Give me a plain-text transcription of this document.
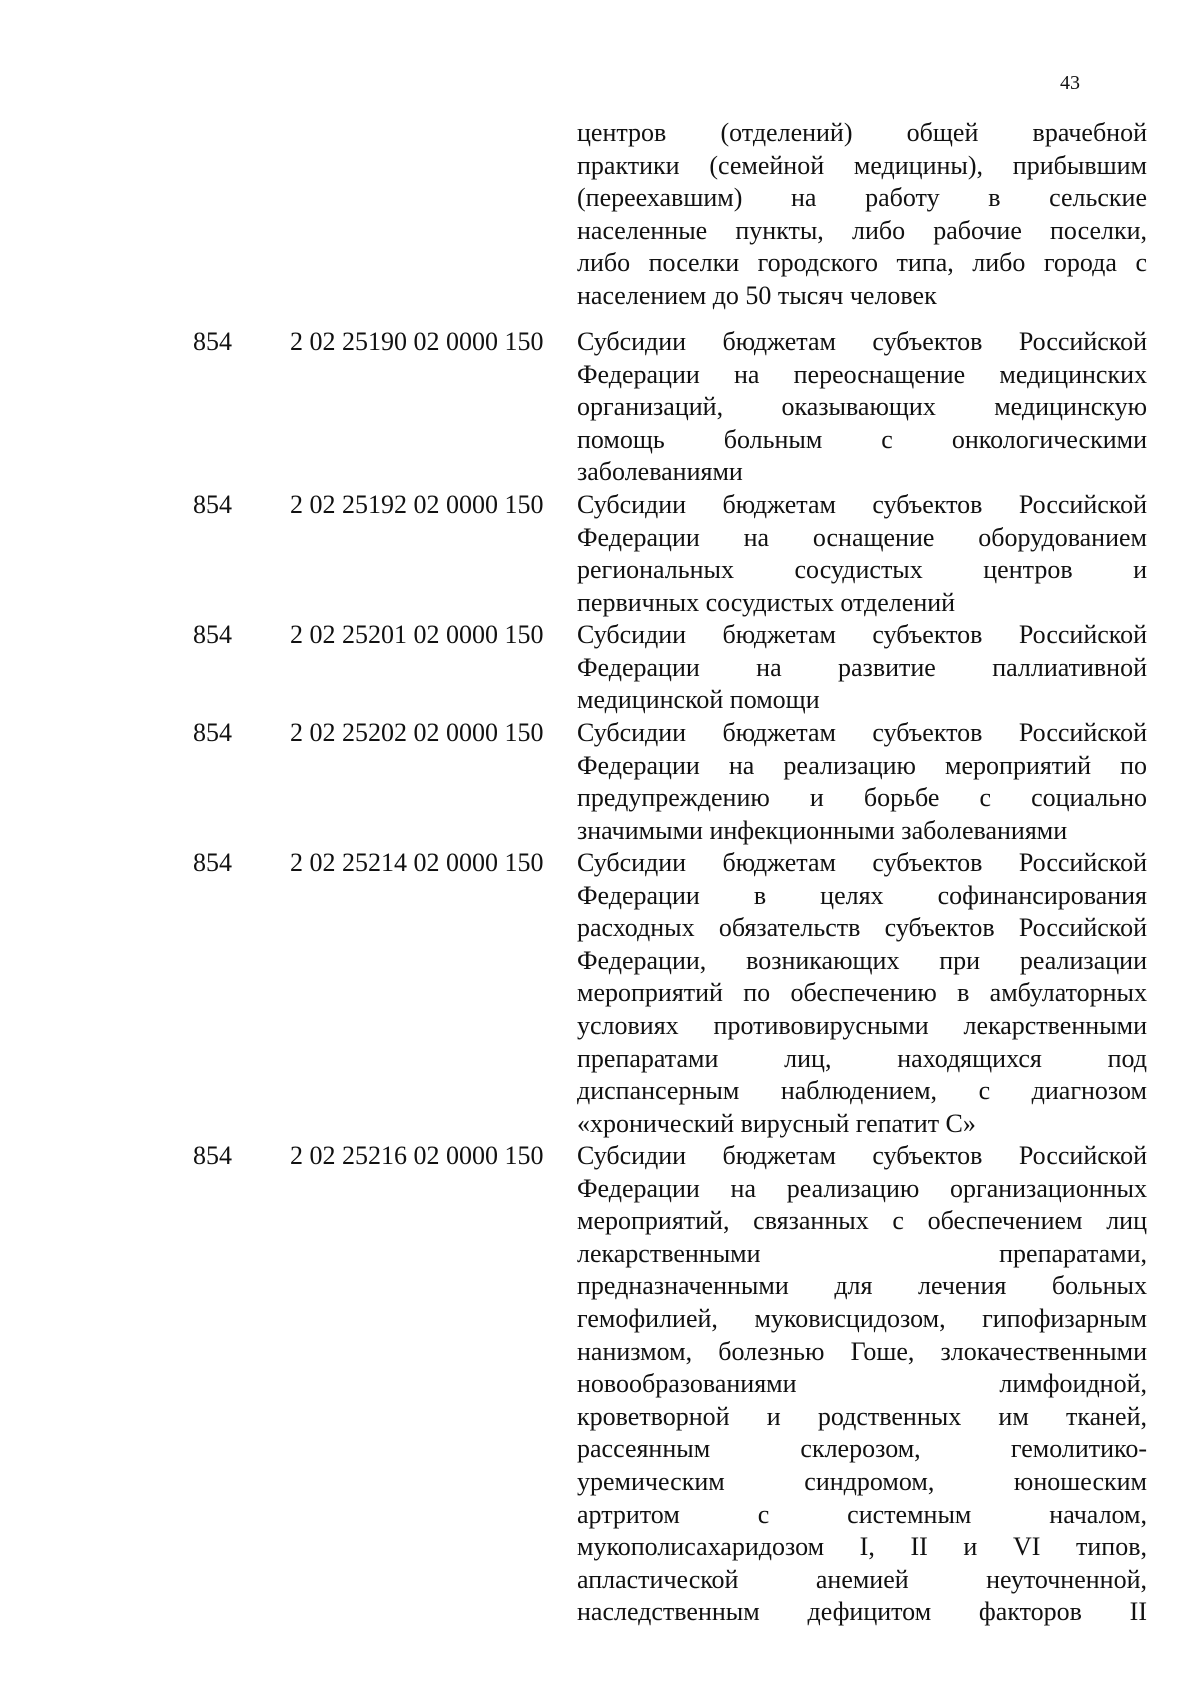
43
центров (отделений) общей врачебной
практики (семейной медицины), прибывшим
(переехавшим) на работу в сельские
населенные пункты, либо рабочие поселки,
либо поселки городского типа, либо города с
населением до 50 тысяч человек
854	2 02 25190 02 0000 150	Субсидии бюджетам субъектов Российской
Федерации на переоснащение медицинских
организаций, оказывающих медицинскую
помощь больным с онкологическими
заболеваниями
854	2 02 25192 02 0000 150	Субсидии бюджетам субъектов Российской
Федерации на оснащение оборудованием
региональных сосудистых центров и
первичных сосудистых отделений
854	2 02 25201 02 0000 150	Субсидии бюджетам субъектов Российской
Федерации на развитие паллиативной
медицинской помощи
854	2 02 25202 02 0000 150	Субсидии бюджетам субъектов Российской
Федерации на реализацию мероприятий по
предупреждению и борьбе с социально
значимыми инфекционными заболеваниями
854	2 02 25214 02 0000 150	Субсидии бюджетам субъектов Российской
Федерации в целях софинансирования
расходных обязательств субъектов Российской
Федерации, возникающих при реализации
мероприятий по обеспечению в амбулаторных
условиях противовирусными лекарственными
препаратами лиц, находящихся под
диспансерным наблюдением, с диагнозом
«хронический вирусный гепатит С»
854	2 02 25216 02 0000 150	Субсидии бюджетам субъектов Российской
Федерации на реализацию организационных
мероприятий, связанных с обеспечением лиц
лекарственными препаратами,
предназначенными для лечения больных
гемофилией, муковисцидозом, гипофизарным
нанизмом, болезнью Гоше, злокачественными
новообразованиями лимфоидной,
кроветворной и родственных им тканей,
рассеянным склерозом, гемолитико-
уремическим синдромом, юношеским
артритом с системным началом,
мукополисахаридозом I, II и VI типов,
апластической анемией неуточненной,
наследственным дефицитом факторов II
